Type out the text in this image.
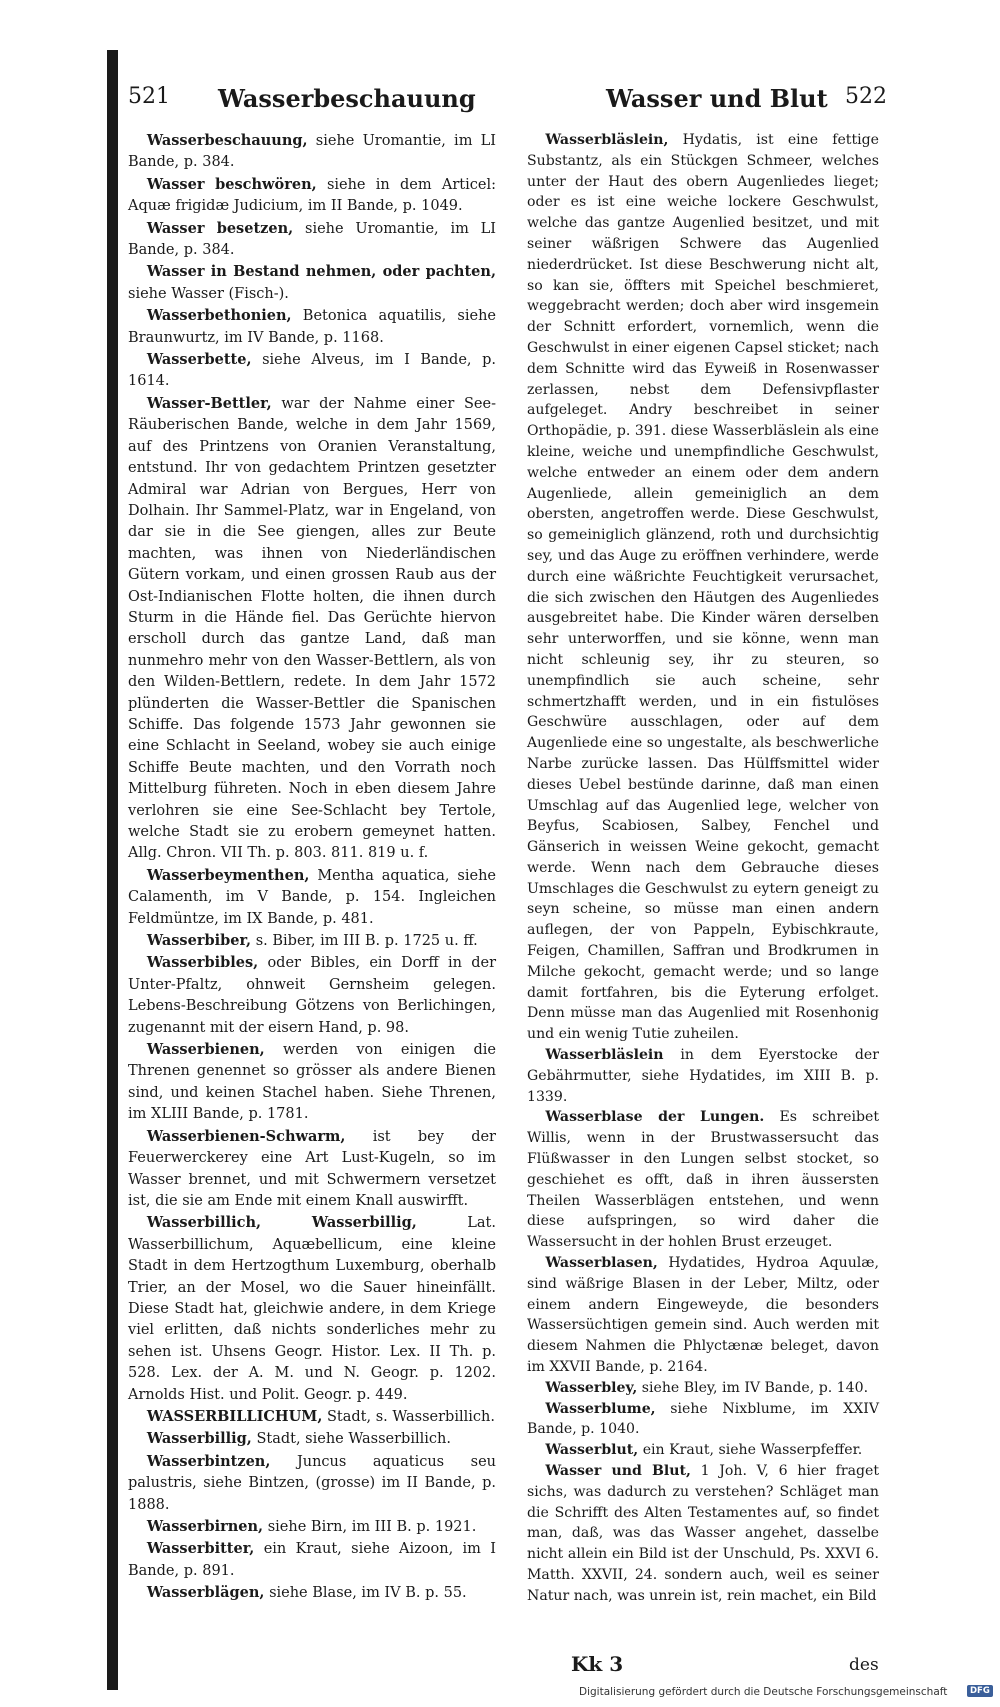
521 Wasserbeschauung	Wasser und Blut 522

Wasserbeschauung, siehe Uromantie, im LI Bande, p. 384.

Wasser beschwören, siehe in dem Articel: Aquæ frigidæ Judicium, im II Bande, p. 1049.

Wasser besetzen, siehe Uromantie, im LI Bande, p. 384.

Wasser in Bestand nehmen, oder pachten, siehe Wasser (Fisch-).

Wasserbethonien, Betonica aquatilis, siehe Braunwurtz, im IV Bande, p. 1168.

Wasserbette, siehe Alveus, im I Bande, p. 1614.

Wasser-Bettler, war der Nahme einer See-Räuberischen Bande, welche in dem Jahr 1569, auf des Printzens von Oranien Veranstaltung, entstund. Ihr von gedachtem Printzen gesetzter Admiral war Adrian von Bergues, Herr von Dolhain. Ihr Sammel-Platz, war in Engeland, von dar sie in die See giengen, alles zur Beute machten, was ihnen von Niederländischen Gütern vorkam, und einen grossen Raub aus der Ost-Indianischen Flotte holten, die ihnen durch Sturm in die Hände fiel. Das Gerüchte hiervon erscholl durch das gantze Land, daß man nunmehro mehr von den Wasser-Bettlern, als von den Wilden-Bettlern, redete. In dem Jahr 1572 plünderten die Wasser-Bettler die Spanischen Schiffe. Das folgende 1573 Jahr gewonnen sie eine Schlacht in Seeland, wobey sie auch einige Schiffe Beute machten, und den Vorrath noch Mittelburg führeten. Noch in eben diesem Jahre verlohren sie eine See-Schlacht bey Tertole, welche Stadt sie zu erobern gemeynet hatten. Allg. Chron. VII Th. p. 803. 811. 819 u. f.

Wasserbeymenthen, Mentha aquatica, siehe Calamenth, im V Bande, p. 154. Ingleichen Feldmüntze, im IX Bande, p. 481.

Wasserbiber, s. Biber, im III B. p. 1725 u. ff.

Wasserbibles, oder Bibles, ein Dorff in der Unter-Pfaltz, ohnweit Gernsheim gelegen. Lebens-Beschreibung Götzens von Berlichingen, zugenannt mit der eisern Hand, p. 98.

Wasserbienen, werden von einigen die Threnen genennet so grösser als andere Bienen sind, und keinen Stachel haben. Siehe Threnen, im XLIII Bande, p. 1781.

Wasserbienen-Schwarm, ist bey der Feuerwerckerey eine Art Lust-Kugeln, so im Wasser brennet, und mit Schwermern versetzet ist, die sie am Ende mit einem Knall auswirfft.

Wasserbillich, Wasserbillig,	Lat. Wasserbillichum, Aquæbellicum, eine kleine Stadt in dem Hertzogthum Luxemburg, oberhalb Trier, an der Mosel, wo die Sauer hineinfällt. Diese Stadt hat, gleichwie andere, in dem Kriege viel erlitten, daß nichts sonderliches mehr zu sehen ist. Uhsens Geogr. Histor. Lex. II Th. p. 528. Lex. der A. M. und N. Geogr. p. 1202. Arnolds Hist. und Polit. Geogr. p. 449.

WASSERBILLICHUM, Stadt, s. Wasserbillich.

Wasserbillig, Stadt, siehe Wasserbillich.

Wasserbintzen, Juncus aquaticus seu palustris, siehe Bintzen, (grosse) im II Bande, p. 1888.

Wasserbirnen, siehe Birn, im III B. p. 1921.

Wasserbitter, ein Kraut, siehe Aizoon, im I Bande, p. 891.

Wasserblägen, siehe Blase, im IV B. p. 55.

Wasserbläslein, Hydatis, ist eine fettige Substantz, als ein Stückgen Schmeer, welches unter der Haut des obern Augenliedes lieget; oder es ist eine weiche lockere Geschwulst, welche das gantze Augenlied besitzet, und mit seiner wäßrigen Schwere das Augenlied niederdrücket. Ist diese Beschwerung nicht alt, so kan sie, öffters mit Speichel beschmieret, weggebracht werden; doch aber wird insgemein der Schnitt erfordert, vornemlich, wenn die Geschwulst in einer eigenen Capsel sticket; nach dem Schnitte wird das Eyweiß in Rosenwasser zerlassen, nebst dem Defensivpflaster aufgeleget. Andry beschreibet in seiner Orthopädie, p. 391. diese Wasserbläslein als eine kleine, weiche und unempfindliche Geschwulst, welche entweder an einem oder dem andern Augenliede, allein gemeiniglich an dem obersten, angetroffen werde. Diese Geschwulst, so gemeiniglich glänzend, roth und durchsichtig sey, und das Auge zu eröffnen verhindere, werde durch eine wäßrichte Feuchtigkeit verursachet, die sich zwischen den Häutgen des Augenliedes ausgebreitet habe. Die Kinder wären derselben sehr unterworffen, und sie könne, wenn man nicht schleunig sey, ihr zu steuren, so unempfindlich sie auch scheine, sehr schmertzhafft werden, und in ein fistulöses Geschwüre ausschlagen, oder auf dem Augenliede eine so ungestalte, als beschwerliche Narbe zurücke lassen. Das Hülffsmittel wider dieses Uebel bestünde darinne, daß man einen Umschlag auf das Augenlied lege, welcher von Beyfus, Scabiosen, Salbey, Fenchel und Gänserich in weissen Weine gekocht, gemacht werde. Wenn nach dem Gebrauche dieses Umschlages die Geschwulst zu eytern geneigt zu seyn scheine, so müsse man einen andern auflegen, der von Pappeln, Eybischkraute, Feigen, Chamillen, Saffran und Brodkrumen in Milche gekocht, gemacht werde; und so lange damit fortfahren, bis die Eyterung erfolget. Denn müsse man das Augenlied mit Rosenhonig und ein wenig Tutie zuheilen.

Wasserbläslein in dem Eyerstocke der Gebährmutter, siehe Hydatides, im XIII B. p. 1339.

Wasserblase der Lungen. Es schreibet Willis, wenn in der Brustwassersucht das Flüßwasser in den Lungen selbst stocket, so geschiehet es offt, daß in ihren äussersten Theilen Wasserblägen entstehen, und wenn diese aufspringen, so wird daher die Wassersucht in der hohlen Brust erzeuget.

Wasserblasen, Hydatides, Hydroa Aquulæ, sind wäßrige Blasen in der Leber, Miltz, oder einem andern Eingeweyde, die besonders Wassersüchtigen gemein sind. Auch werden mit diesem Nahmen die Phlyctænæ beleget, davon im XXVII Bande, p. 2164.

Wasserbley, siehe Bley, im IV Bande, p. 140.

Wasserblume, siehe Nixblume, im XXIV Bande, p. 1040.

Wasserblut, ein Kraut, siehe Wasserpfeffer.

Wasser und Blut, 1 Joh. V, 6 hier fraget sichs, was dadurch zu verstehen? Schläget man die Schrifft des Alten Testamentes auf, so findet man, daß, was das Wasser angehet, dasselbe nicht allein ein Bild ist der Unschuld, Ps. XXVI 6. Matth. XXVII, 24. sondern auch, weil es seiner Natur nach, was unrein ist, rein machet, ein Bild

Kk 3	des
Digitalisierung gefördert durch die Deutsche Forschungsgemeinschaft	DFG
